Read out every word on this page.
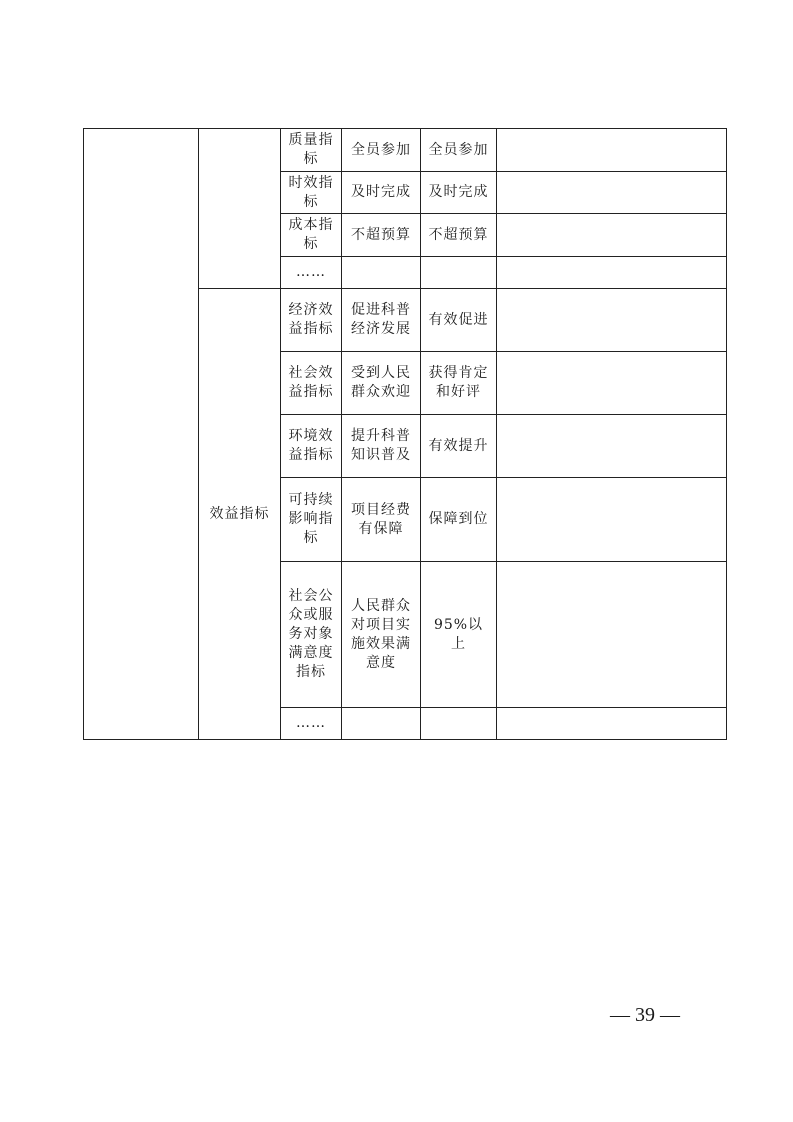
		质量指标	全员参加	全员参加	
		时效指标	及时完成	及时完成	
		成本指标	不超预算	不超预算	
		……			
	效益指标	经济效益指标	促进科普经济发展	有效促进	
		社会效益指标	受到人民群众欢迎	获得肯定和好评	
		环境效益指标	提升科普知识普及	有效提升	
		可持续影响指标	项目经费有保障	保障到位	
		社会公众或服务对象满意度指标	人民群众对项目实施效果满意度	95%以上	
		……			
— 39 —
